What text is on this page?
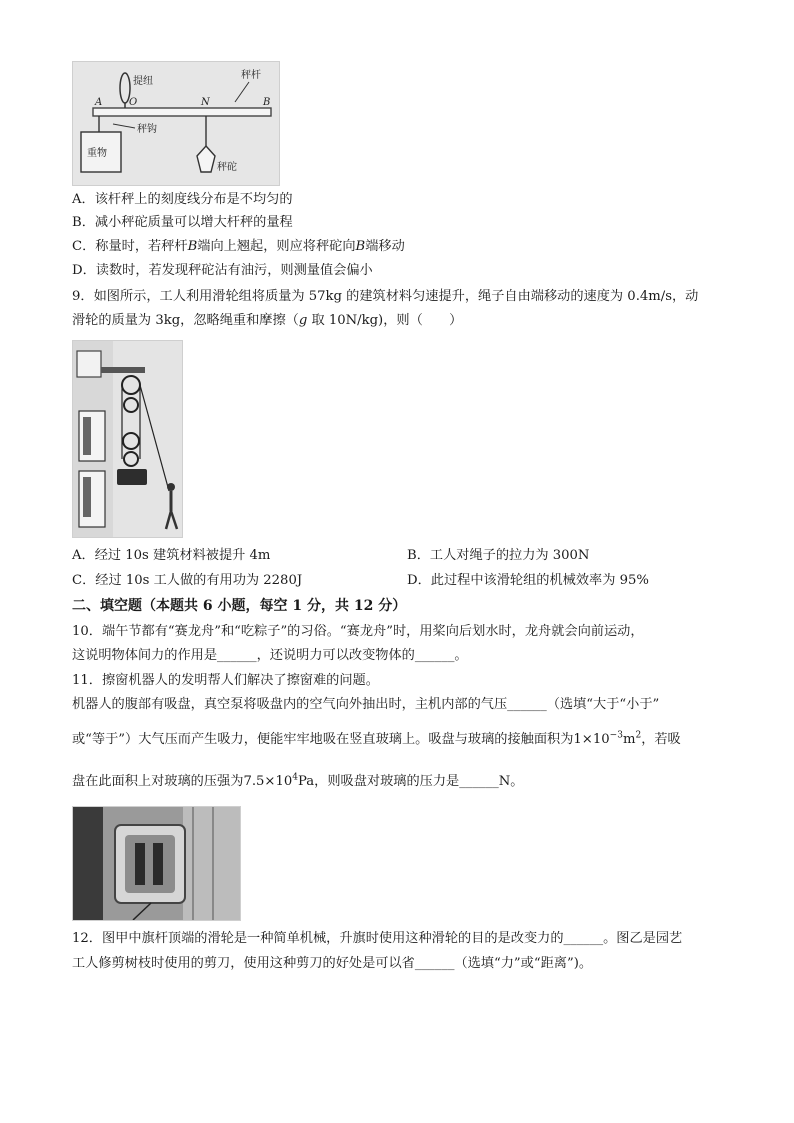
提纽
秤杆
A	O	N	B
秤钩
重物
秤砣
A．该杆秤上的刻度线分布是不均匀的
B．减小秤砣质量可以增大杆秤的量程
C．称量时，若秤杆B端向上翘起，则应将秤砣向B端移动
D．读数时，若发现秤砣沾有油污，则测量值会偏小
9．如图所示，工人利用滑轮组将质量为 57kg 的建筑材料匀速提升，绳子自由端移动的速度为 0.4m/s，动
滑轮的质量为 3kg，忽略绳重和摩擦（g 取 10N/kg)，则（　　）
A．经过 10s 建筑材料被提升 4m	B．工人对绳子的拉力为 300N
C．经过 10s 工人做的有用功为 2280J	D．此过程中该滑轮组的机械效率为 95%
二、填空题（本题共 6 小题，每空 1 分，共 12 分）
10．端午节都有“赛龙舟”和“吃粽子”的习俗。“赛龙舟”时，用桨向后划水时，龙舟就会向前运动，
这说明物体间力的作用是______，还说明力可以改变物体的______。
11．擦窗机器人的发明帮人们解决了擦窗难的问题。
机器人的腹部有吸盘，真空泵将吸盘内的空气向外抽出时，主机内部的气压______（选填“大于“小于”
或“等于”）大气压而产生吸力，便能牢牢地吸在竖直玻璃上。吸盘与玻璃的接触面积为$1\times 10^{-3}m^2$，若吸
盘在此面积上对玻璃的压强为$7.5\times 10^4Pa$，则吸盘对玻璃的压力是______N。
12．图甲中旗杆顶端的滑轮是一种简单机械，升旗时使用这种滑轮的目的是改变力的______。图乙是园艺
工人修剪树枝时使用的剪刀，使用这种剪刀的好处是可以省______（选填“力”或“距离”)。
